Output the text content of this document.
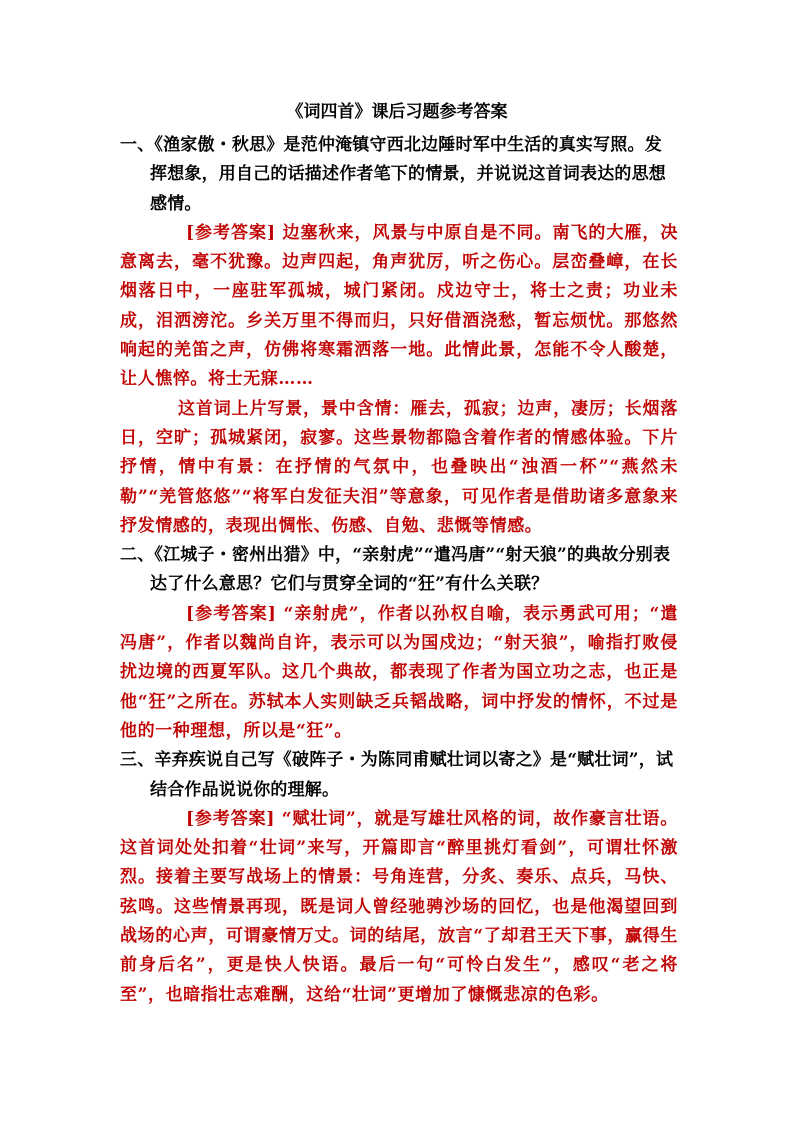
《词四首》课后习题参考答案

一、《渔家傲・秋思》是范仲淹镇守西北边陲时军中生活的真实写照。发挥想象，用自己的话描述作者笔下的情景，并说说这首词表达的思想感情。

[参考答案] 边塞秋来，风景与中原自是不同。南飞的大雁，决意离去，毫不犹豫。边声四起，角声犹厉，听之伤心。层峦叠嶂，在长烟落日中，一座驻军孤城，城门紧闭。戍边守士，将士之责；功业未成，泪洒滂沱。乡关万里不得而归，只好借酒浇愁，暂忘烦忧。那悠然响起的羌笛之声，仿佛将寒霜洒落一地。此情此景，怎能不令人酸楚，让人憔悴。将士无寐……

这首词上片写景，景中含情：雁去，孤寂；边声，凄厉；长烟落日，空旷；孤城紧闭，寂寥。这些景物都隐含着作者的情感体验。下片抒情，情中有景：在抒情的气氛中，也叠映出“浊酒一杯”“燕然未勒”“羌管悠悠”“将军白发征夫泪”等意象，可见作者是借助诸多意象来抒发情感的，表现出惆怅、伤感、自勉、悲慨等情感。

二、《江城子・密州出猎》中，“亲射虎”“遣冯唐”“射天狼”的典故分别表达了什么意思？它们与贯穿全词的“狂”有什么关联？

[参考答案] “亲射虎”，作者以孙权自喻，表示勇武可用；“遣冯唐”，作者以魏尚自许，表示可以为国戍边；“射天狼”，喻指打败侵扰边境的西夏军队。这几个典故，都表现了作者为国立功之志，也正是他“狂”之所在。苏轼本人实则缺乏兵韬战略，词中抒发的情怀，不过是他的一种理想，所以是“狂”。

三、辛弃疾说自己写《破阵子・为陈同甫赋壮词以寄之》是“赋壮词”，试结合作品说说你的理解。

[参考答案] “赋壮词”，就是写雄壮风格的词，故作豪言壮语。这首词处处扣着“壮词”来写，开篇即言“醉里挑灯看剑”，可谓壮怀激烈。接着主要写战场上的情景：号角连营，分炙、奏乐、点兵，马快、弦鸣。这些情景再现，既是词人曾经驰骋沙场的回忆，也是他渴望回到战场的心声，可谓豪情万丈。词的结尾，放言“了却君王天下事，赢得生前身后名”，更是快人快语。最后一句“可怜白发生”，感叹“老之将至”，也暗指壮志难酬，这给“壮词”更增加了慷慨悲凉的色彩。
